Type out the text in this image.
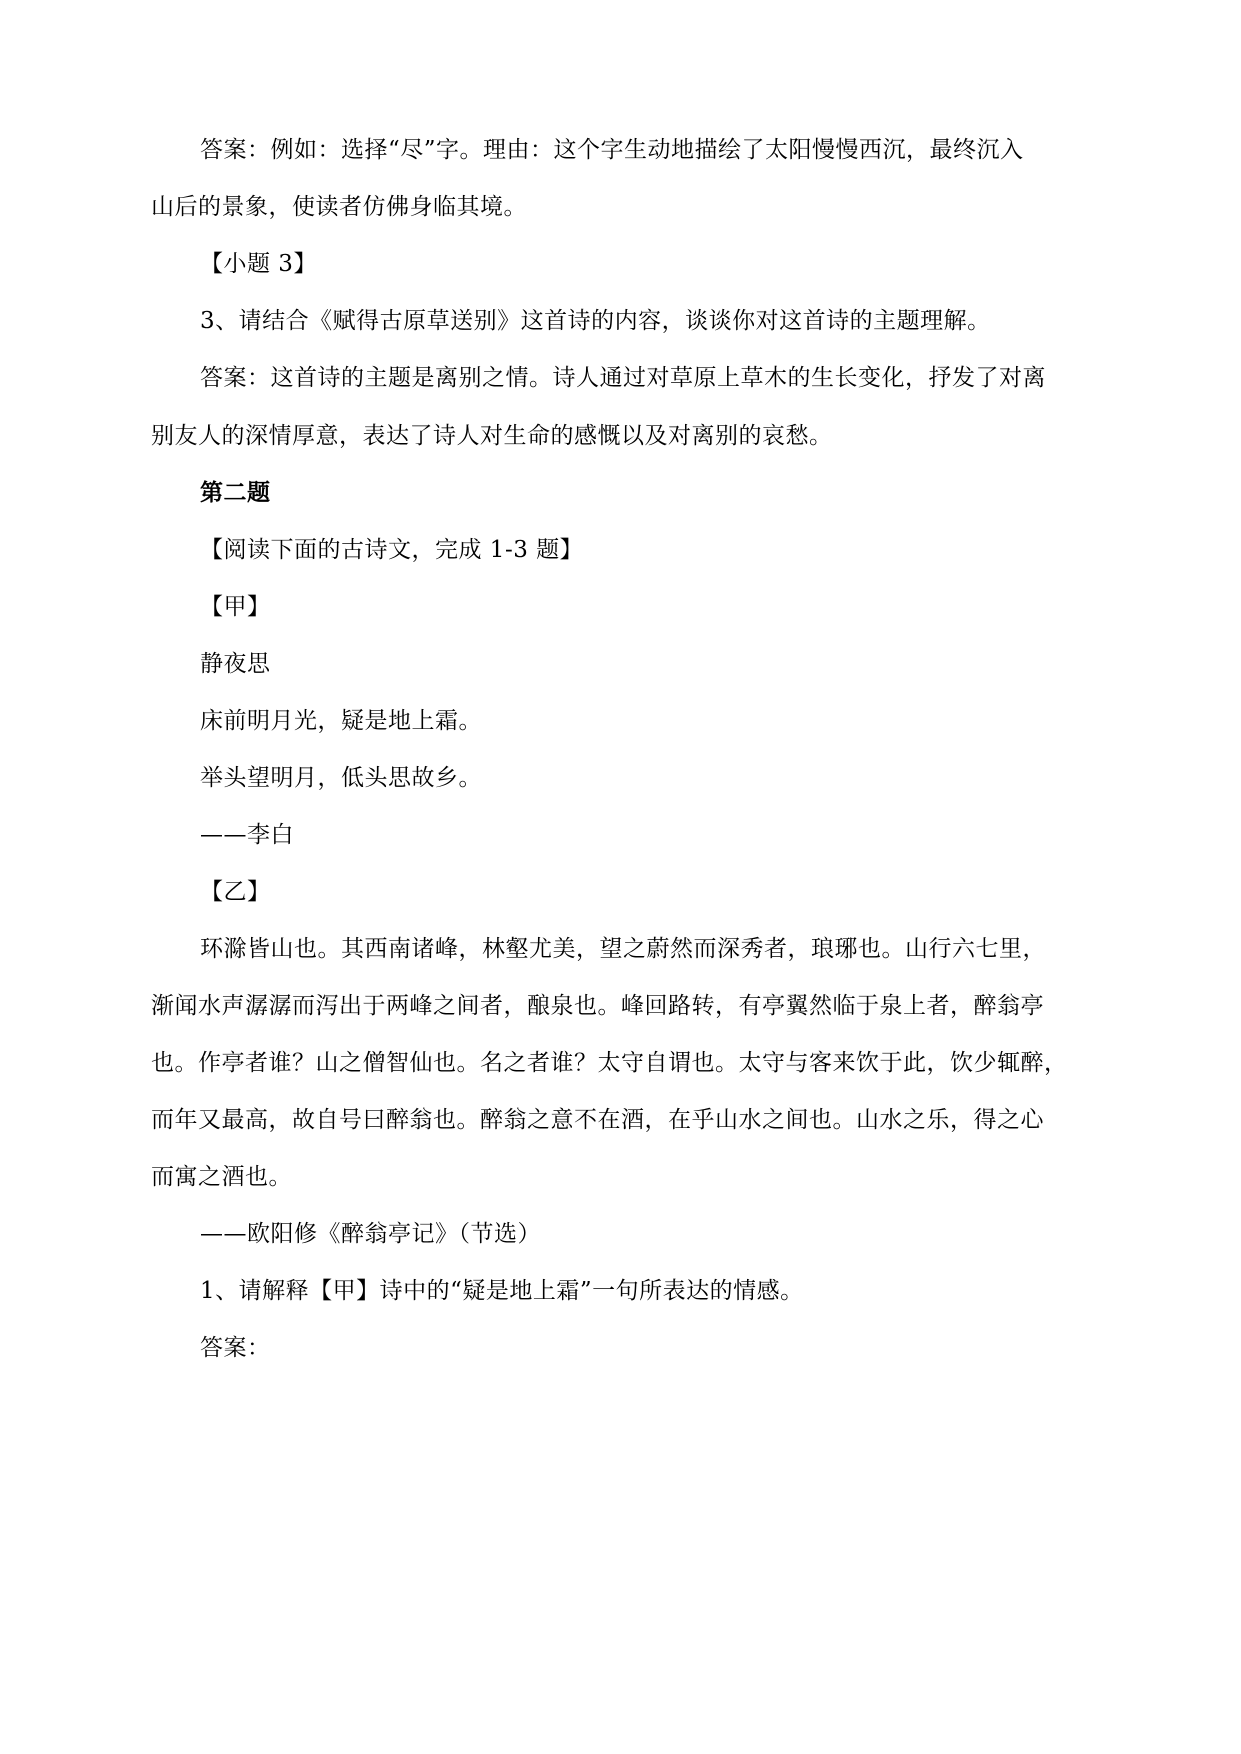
答案：例如：选择“尽”字。理由：这个字生动地描绘了太阳慢慢西沉，最终沉入
山后的景象，使读者仿佛身临其境。
【小题 3】
3、请结合《赋得古原草送别》这首诗的内容，谈谈你对这首诗的主题理解。
答案：这首诗的主题是离别之情。诗人通过对草原上草木的生长变化，抒发了对离
别友人的深情厚意，表达了诗人对生命的感慨以及对离别的哀愁。
第二题
【阅读下面的古诗文，完成 1-3 题】
【甲】
静夜思
床前明月光，疑是地上霜。
举头望明月，低头思故乡。
——李白
【乙】
环滁皆山也。其西南诸峰，林壑尤美，望之蔚然而深秀者，琅琊也。山行六七里，
渐闻水声潺潺而泻出于两峰之间者，酿泉也。峰回路转，有亭翼然临于泉上者，醉翁亭
也。作亭者谁？山之僧智仙也。名之者谁？太守自谓也。太守与客来饮于此，饮少辄醉，
而年又最高，故自号曰醉翁也。醉翁之意不在酒，在乎山水之间也。山水之乐，得之心
而寓之酒也。
——欧阳修《醉翁亭记》（节选）
1、请解释【甲】诗中的“疑是地上霜”一句所表达的情感。
答案：
